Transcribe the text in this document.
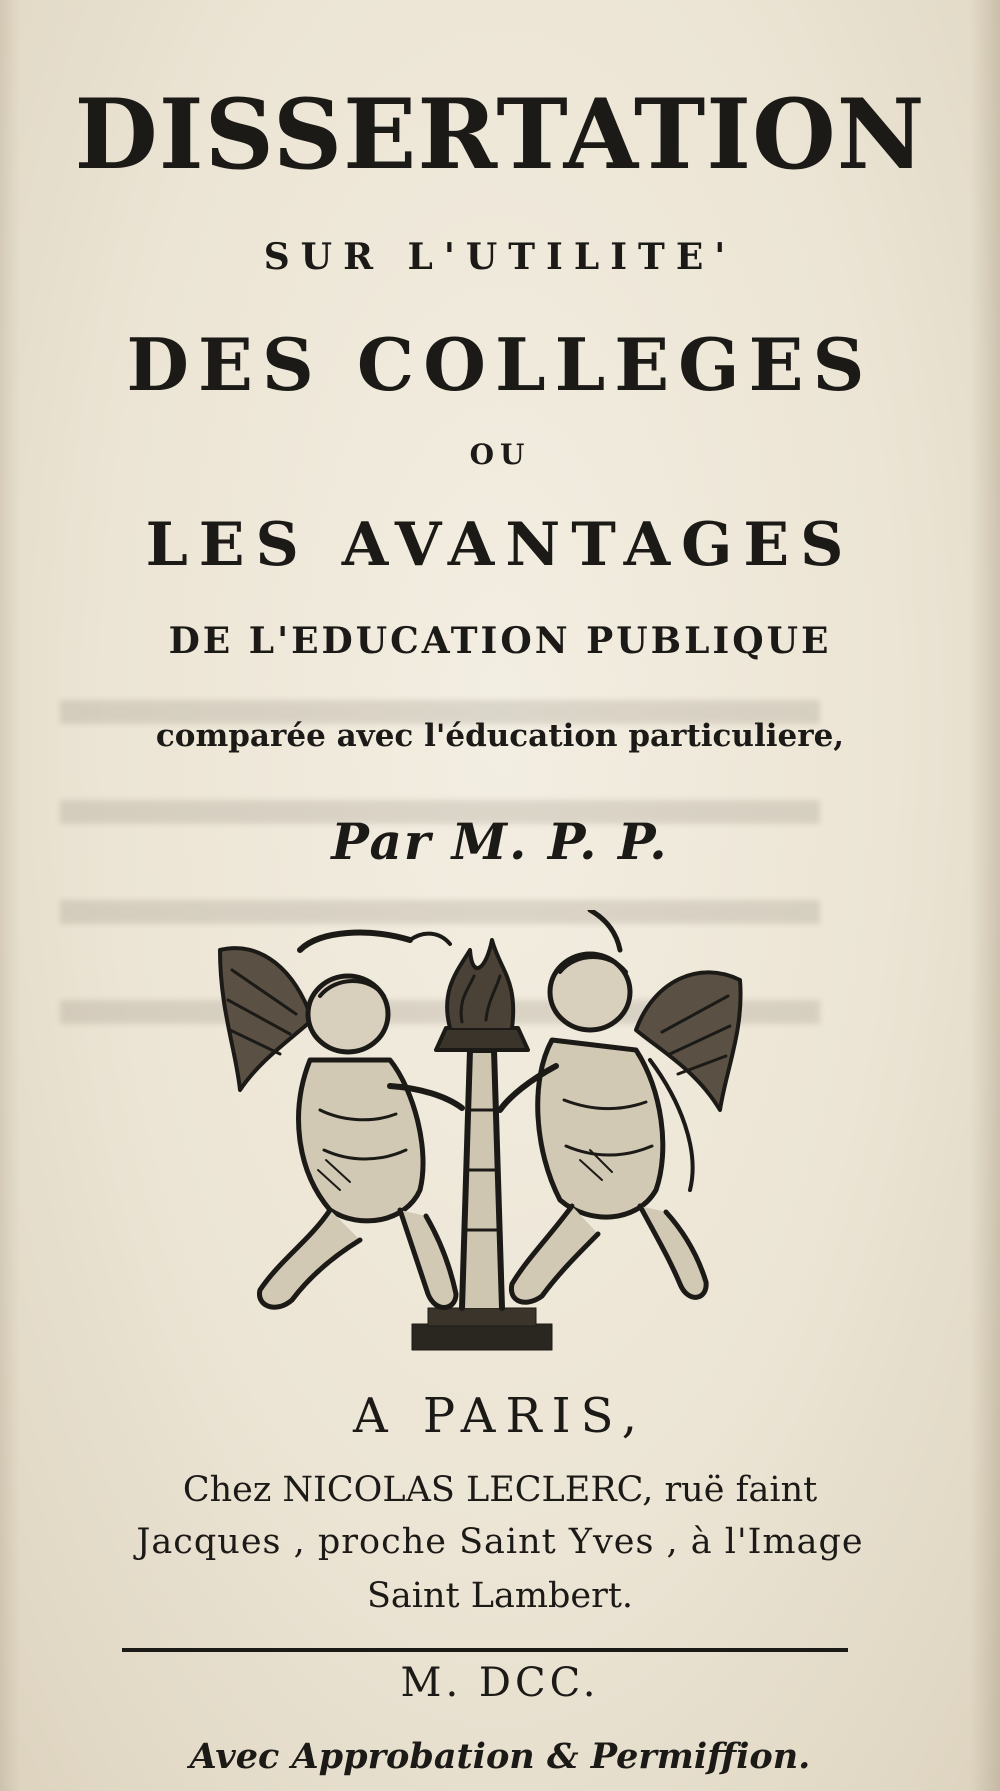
DISSERTATION

SUR L'UTILITE'

DES COLLEGES

OU

LES AVANTAGES

DE L'EDUCATION PUBLIQUE

comparée avec l'éducation particuliere,

Par M. P. P.

A PARIS,

Chez NICOLAS LECLERC, ruë faint

Jacques , proche Saint Yves , à l'Image

Saint Lambert.

M. DCC.

Avec Approbation & Permiffion.
